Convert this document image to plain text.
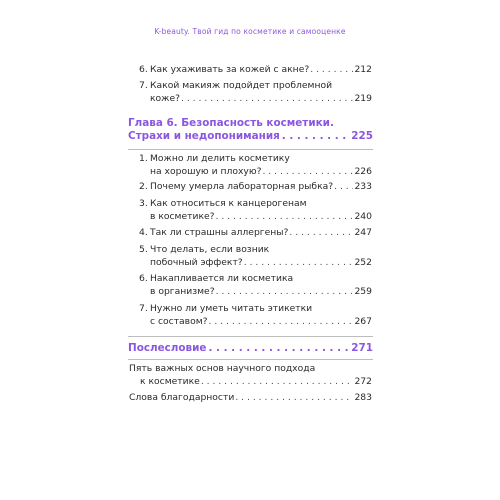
K-beauty. Твой гид по косметике и самооценке
6. Как ухаживать за кожей с акне? . . .	212
7. Какой макияж подойдет проблемной
коже? . . .	219
Глава 6. Безопасность косметики.
Страхи и недопонимания . . .	225
1. Можно ли делить косметику
на хорошую и плохую? . . .	226
2. Почему умерла лабораторная рыбка? . . . 233
3. Как относиться к канцерогенам
в косметике? . . .	240
4. Так ли страшны аллергены? . . .	247
5. Что делать, если возник
побочный эффект? . . .	252
6. Накапливается ли косметика
в организме? . . .	259
7. Нужно ли уметь читать этикетки
с составом? . . .	267
Послесловие . . .	271
Пять важных основ научного подхода
к косметике . . .	272
Слова благодарности . . .	283
